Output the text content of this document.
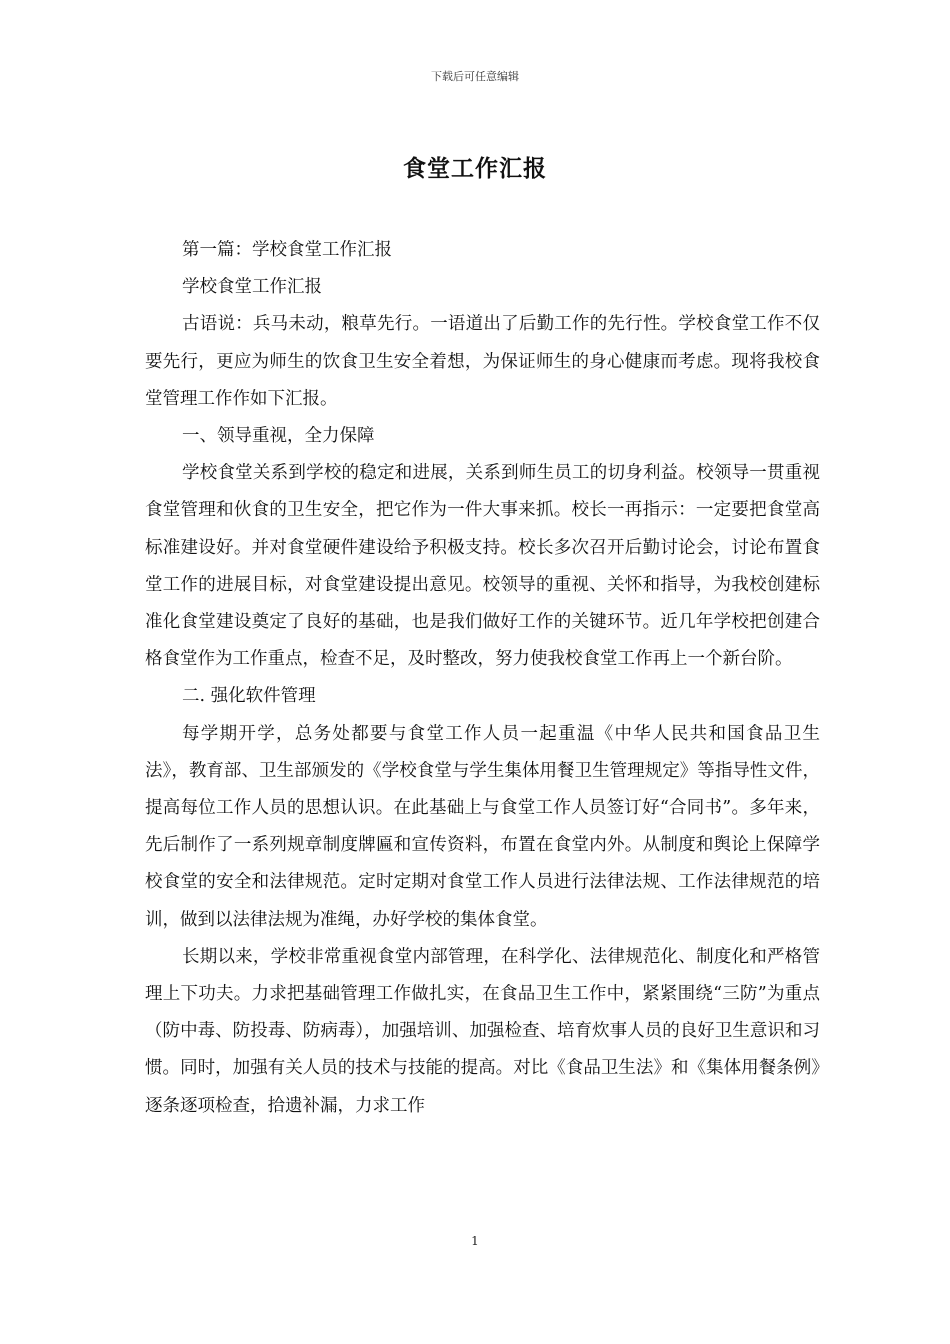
下载后可任意编辑
食堂工作汇报

第一篇：学校食堂工作汇报

学校食堂工作汇报

古语说：兵马未动，粮草先行。一语道出了后勤工作的先行性。学校食堂工作不仅要先行，更应为师生的饮食卫生安全着想，为保证师生的身心健康而考虑。现将我校食堂管理工作作如下汇报。

一、领导重视，全力保障

学校食堂关系到学校的稳定和进展，关系到师生员工的切身利益。校领导一贯重视食堂管理和伙食的卫生安全，把它作为一件大事来抓。校长一再指示：一定要把食堂高标准建设好。并对食堂硬件建设给予积极支持。校长多次召开后勤讨论会，讨论布置食堂工作的进展目标，对食堂建设提出意见。校领导的重视、关怀和指导，为我校创建标准化食堂建设奠定了良好的基础，也是我们做好工作的关键环节。近几年学校把创建合格食堂作为工作重点，检查不足，及时整改，努力使我校食堂工作再上一个新台阶。

二. 强化软件管理

每学期开学，总务处都要与食堂工作人员一起重温《中华人民共和国食品卫生法》，教育部、卫生部颁发的《学校食堂与学生集体用餐卫生管理规定》等指导性文件，提高每位工作人员的思想认识。在此基础上与食堂工作人员签订好“合同书”。多年来，先后制作了一系列规章制度牌匾和宣传资料，布置在食堂内外。从制度和舆论上保障学校食堂的安全和法律规范。定时定期对食堂工作人员进行法律法规、工作法律规范的培训，做到以法律法规为准绳，办好学校的集体食堂。

长期以来，学校非常重视食堂内部管理，在科学化、法律规范化、制度化和严格管理上下功夫。力求把基础管理工作做扎实，在食品卫生工作中，紧紧围绕“三防”为重点（防中毒、防投毒、防病毒），加强培训、加强检查、培育炊事人员的良好卫生意识和习惯。同时，加强有关人员的技术与技能的提高。对比《食品卫生法》和《集体用餐条例》逐条逐项检查，拾遗补漏，力求工作

1
